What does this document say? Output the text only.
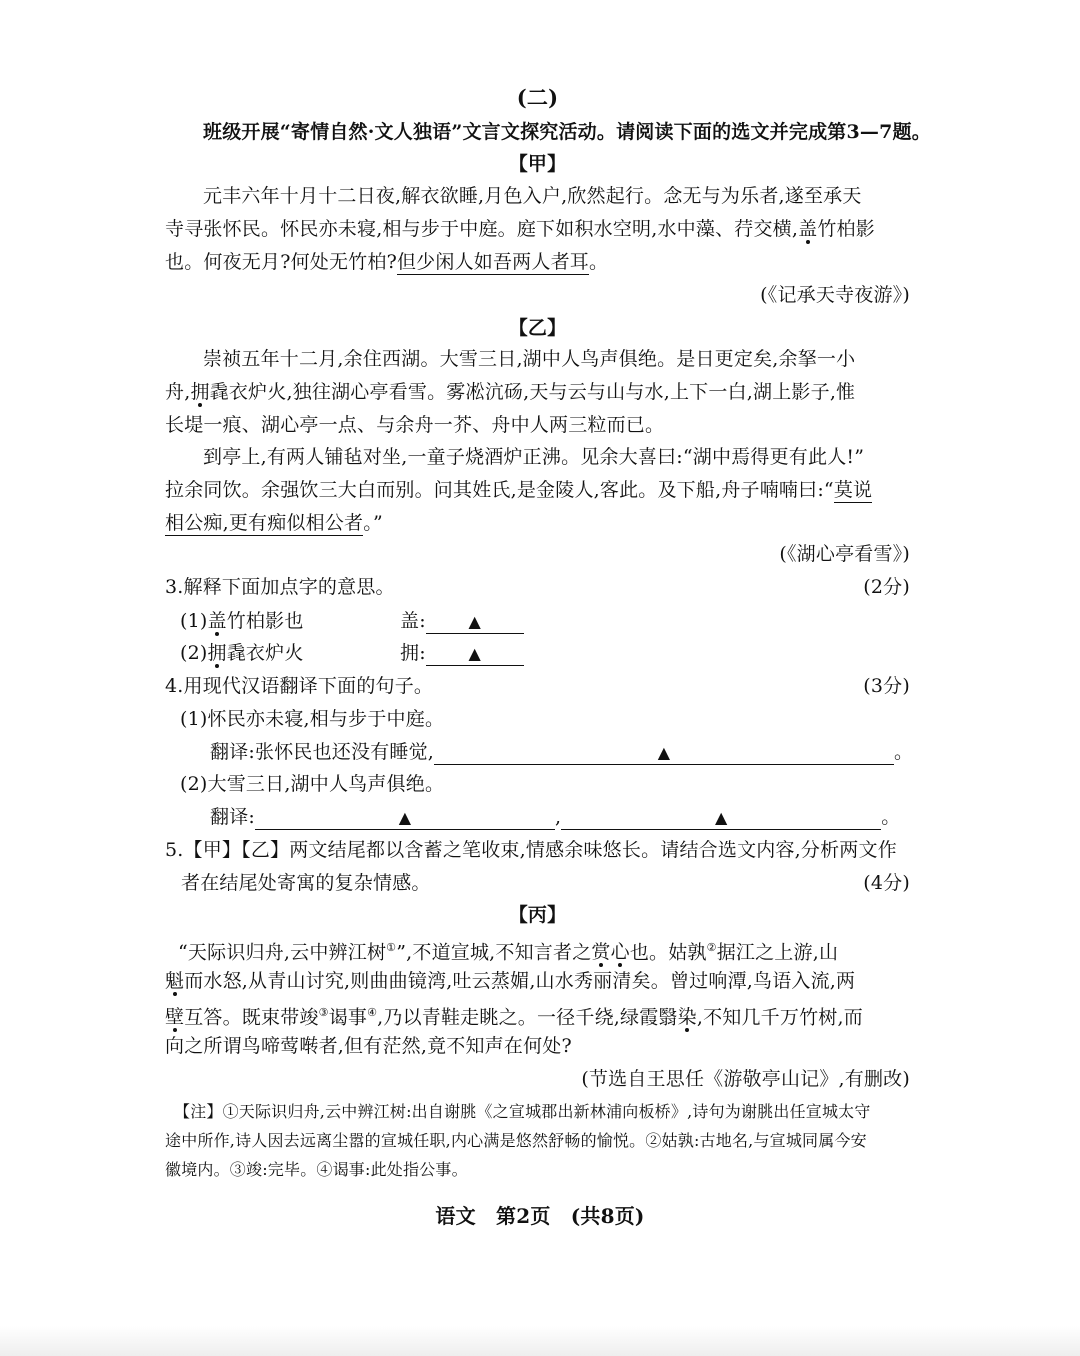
(二)
班级开展“寄情自然·文人独语”文言文探究活动。请阅读下面的选文并完成第3—7题。
【甲】
元丰六年十月十二日夜,解衣欲睡,月色入户,欣然起行。念无与为乐者,遂至承天
寺寻张怀民。怀民亦未寝,相与步于中庭。庭下如积水空明,水中藻、荇交横,盖竹柏影
也。何夜无月?何处无竹柏?但少闲人如吾两人者耳。
(《记承天寺夜游》)
【乙】
崇祯五年十二月,余住西湖。大雪三日,湖中人鸟声俱绝。是日更定矣,余拏一小
舟,拥毳衣炉火,独往湖心亭看雪。雾凇沆砀,天与云与山与水,上下一白,湖上影子,惟
长堤一痕、湖心亭一点、与余舟一芥、舟中人两三粒而已。
到亭上,有两人铺毡对坐,一童子烧酒炉正沸。见余大喜曰:“湖中焉得更有此人!”
拉余同饮。余强饮三大白而别。问其姓氏,是金陵人,客此。及下船,舟子喃喃曰:“莫说
相公痴,更有痴似相公者。”
(《湖心亭看雪》)
3.解释下面加点字的意思。	(2分)
(1)盖竹柏影也	盖:	▲
(2)拥毳衣炉火	拥:	▲
4.用现代汉语翻译下面的句子。	(3分)
(1)怀民亦未寝,相与步于中庭。
翻译:张怀民也还没有睡觉,	▲	。
(2)大雪三日,湖中人鸟声俱绝。
翻译:	▲	,	▲	。
5.【甲】【乙】两文结尾都以含蓄之笔收束,情感余味悠长。请结合选文内容,分析两文作
者在结尾处寄寓的复杂情感。	(4分)
【丙】
“天际识归舟,云中辨江树①”,不道宣城,不知言者之赏心也。姑孰②据江之上游,山
魁而水怒,从青山讨究,则曲曲镜湾,吐云蒸媚,山水秀丽清矣。曾过响潭,鸟语入流,两
壁互答。既束带竣③谒事④,乃以青鞋走眺之。一径千绕,绿霞翳染,不知几千万竹树,而
向之所谓鸟啼莺啭者,但有茫然,竟不知声在何处?
(节选自王思任《游敬亭山记》,有删改)
【注】①天际识归舟,云中辨江树:出自谢朓《之宣城郡出新林浦向板桥》,诗句为谢朓出任宣城太守
途中所作,诗人因去远离尘嚣的宣城任职,内心满是悠然舒畅的愉悦。②姑孰:古地名,与宣城同属今安
徽境内。③竣:完毕。④谒事:此处指公事。
语文　第2页　(共8页)
